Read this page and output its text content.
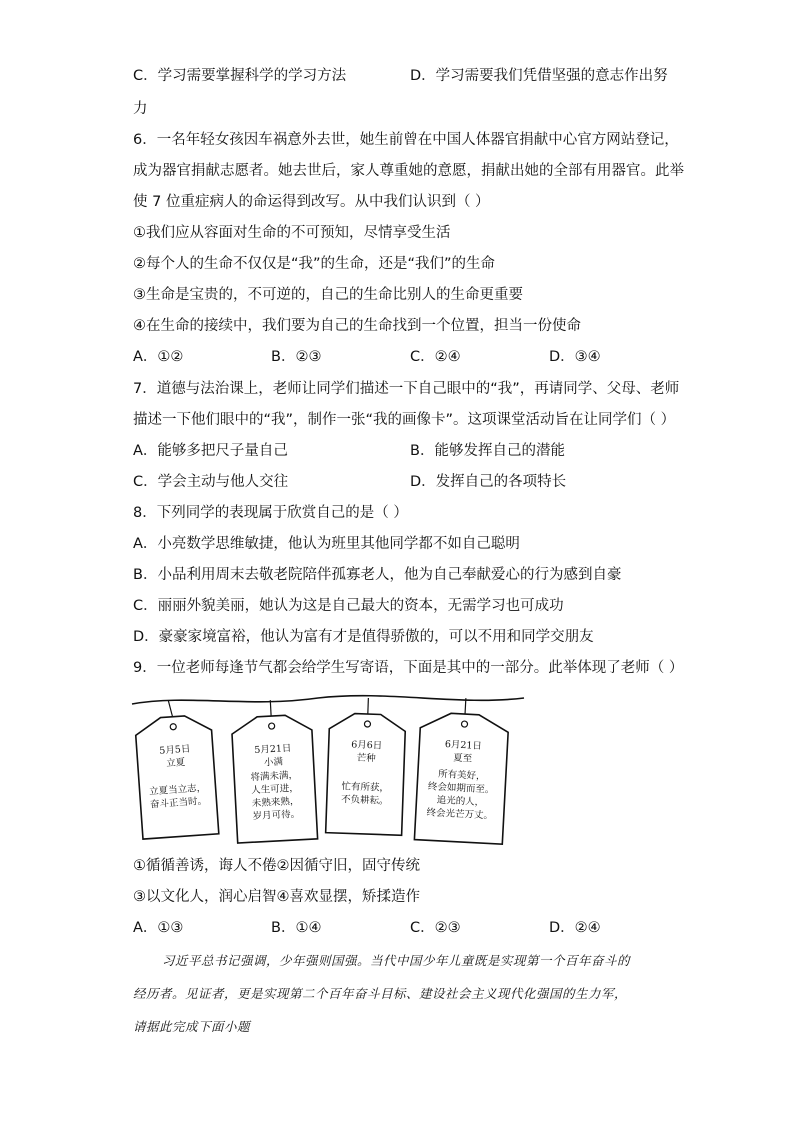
C．学习需要掌握科学的学习方法	D．学习需要我们凭借坚强的意志作出努
力
6．一名年轻女孩因车祸意外去世，她生前曾在中国人体器官捐献中心官方网站登记，
成为器官捐献志愿者。她去世后，家人尊重她的意愿，捐献出她的全部有用器官。此举
使 7 位重症病人的命运得到改写。从中我们认识到（ ）
①我们应从容面对生命的不可预知，尽情享受生活
②每个人的生命不仅仅是“我”的生命，还是“我们”的生命
③生命是宝贵的，不可逆的，自己的生命比别人的生命更重要
④在生命的接续中，我们要为自己的生命找到一个位置，担当一份使命
A．①②	B．②③	C．②④	D．③④
7．道德与法治课上，老师让同学们描述一下自己眼中的“我”，再请同学、父母、老师
描述一下他们眼中的“我”，制作一张“我的画像卡”。这项课堂活动旨在让同学们（ ）
A．能够多把尺子量自己	B．能够发挥自己的潜能
C．学会主动与他人交往	D．发挥自己的各项特长
8．下列同学的表现属于欣赏自己的是（ ）
A．小亮数学思维敏捷，他认为班里其他同学都不如自己聪明
B．小品利用周末去敬老院陪伴孤寡老人，他为自己奉献爱心的行为感到自豪
C．丽丽外貌美丽，她认为这是自己最大的资本，无需学习也可成功
D．豪豪家境富裕，他认为富有才是值得骄傲的，可以不用和同学交朋友
9．一位老师每逢节气都会给学生写寄语，下面是其中的一部分。此举体现了老师（ ）
5月5日
立夏
立夏当立志，
奋斗正当时。
5月21日
小满
将满未满，
人生可进，
未熟来熟，
岁月可待。
6月6日
芒种
忙有所获，
不负耕耘。
6月21日
夏至
所有美好，
终会如期而至。
追光的人，
终会光芒万丈。
①循循善诱，诲人不倦②因循守旧，固守传统
③以文化人，润心启智④喜欢显摆，矫揉造作
A．①③	B．①④	C．②③	D．②④
习近平总书记强调，少年强则国强。当代中国少年儿童既是实现第一个百年奋斗的
经历者。见证者，更是实现第二个百年奋斗目标、建设社会主义现代化强国的生力军，
请据此完成下面小题
